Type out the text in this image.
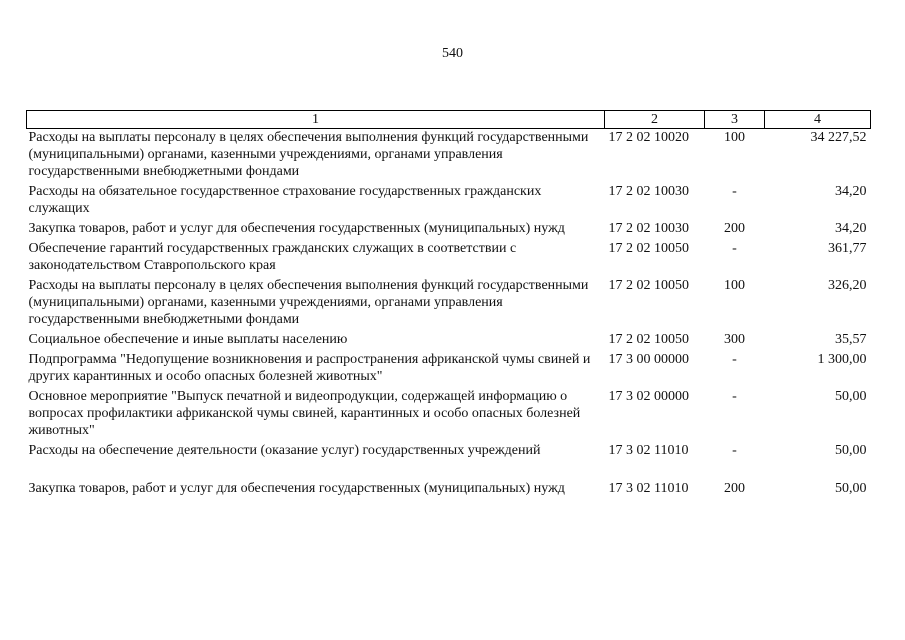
540
1	2	3	4
Расходы на выплаты персоналу в целях обеспечения выполнения функций государственными (муниципальными) органами, казенными учреждениями, органами управления государственными внебюджетными фондами	17 2 02 10020	100	34 227,52
Расходы на обязательное государственное страхование государственных гражданских служащих	17 2 02 10030	-	34,20
Закупка товаров, работ и услуг для обеспечения государственных (муниципальных) нужд	17 2 02 10030	200	34,20
Обеспечение гарантий государственных гражданских служащих в соответствии с законодательством Ставропольского края	17 2 02 10050	-	361,77
Расходы на выплаты персоналу в целях обеспечения выполнения функций государственными (муниципальными) органами, казенными учреждениями, органами управления государственными внебюджетными фондами	17 2 02 10050	100	326,20
Социальное обеспечение и иные выплаты населению	17 2 02 10050	300	35,57
Подпрограмма "Недопущение возникновения и распространения африканской чумы свиней и других карантинных и особо опасных болезней животных"	17 3 00 00000	-	1 300,00
Основное мероприятие "Выпуск печатной и видеопродукции, содержащей информацию о вопросах профилактики африканской чумы свиней, карантинных и особо опасных болезней животных"	17 3 02 00000	-	50,00
Расходы на обеспечение деятельности (оказание услуг) государственных учреждений	17 3 02 11010	-	50,00
Закупка товаров, работ и услуг для обеспечения государственных (муниципальных) нужд	17 3 02 11010	200	50,00
